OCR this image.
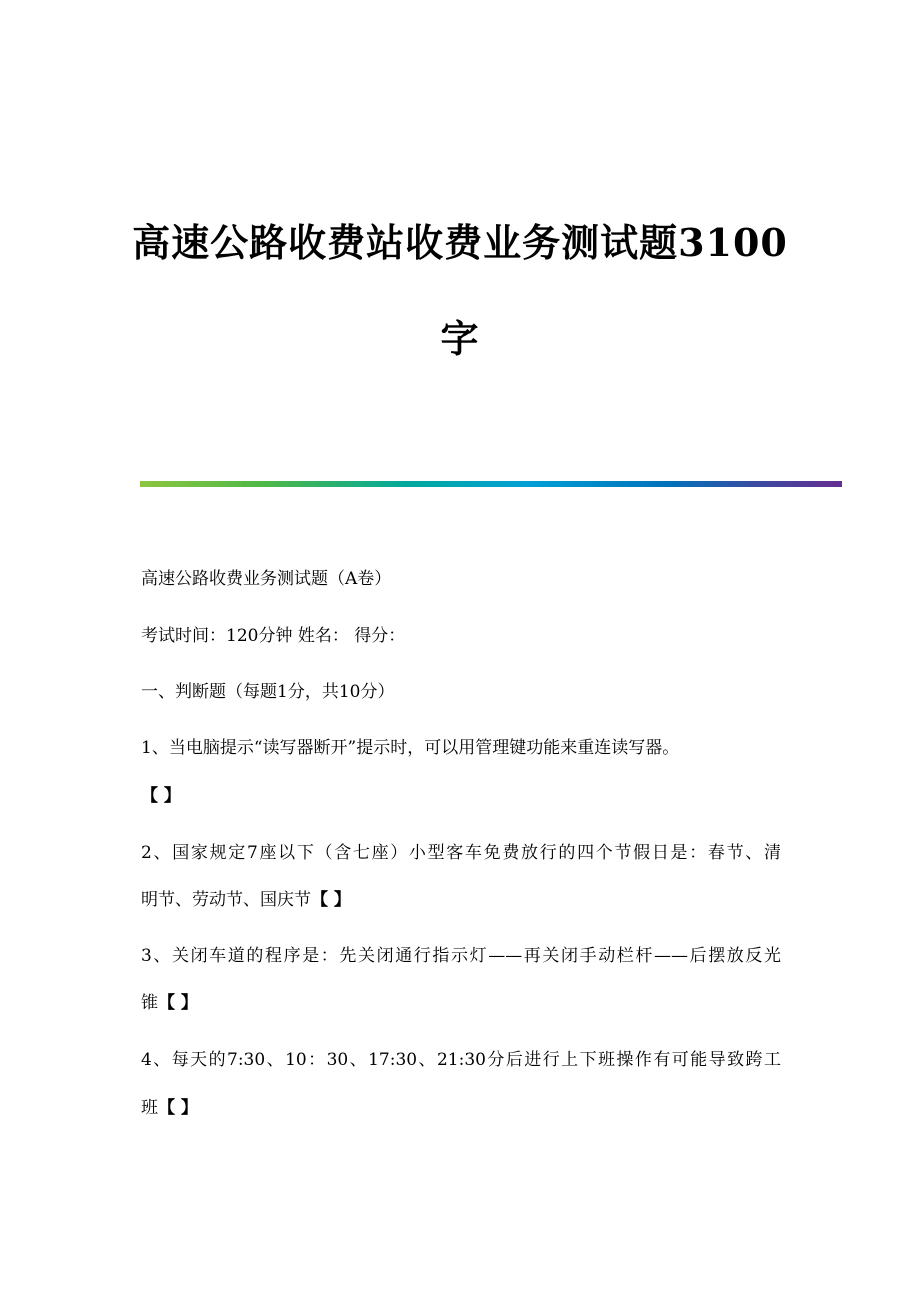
高速公路收费站收费业务测试题3100
字
高速公路收费业务测试题（A卷）
考试时间：120分钟 姓名： 得分：
一、判断题（每题1分，共10分）
1、当电脑提示“读写器断开”提示时，可以用管理键功能来重连读写器。
【 】
2、国家规定7座以下（含七座）小型客车免费放行的四个节假日是：春节、清
明节、劳动节、国庆节【 】
3、关闭车道的程序是：先关闭通行指示灯——再关闭手动栏杆——后摆放反光
锥【 】
4、每天的7:30、10：30、17:30、21:30分后进行上下班操作有可能导致跨工
班【 】
